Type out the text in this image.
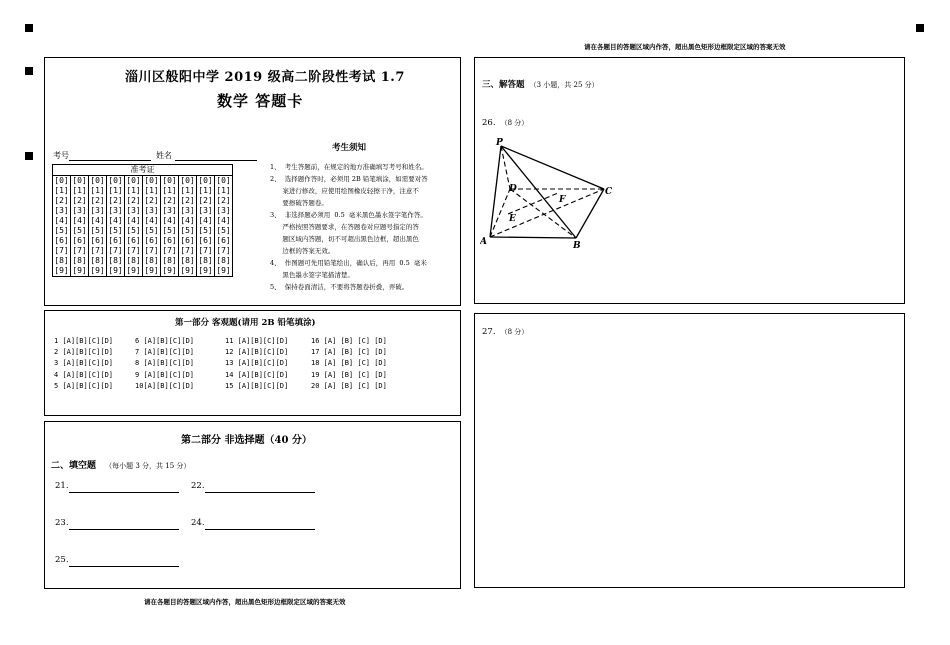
请在各题目的答题区域内作答，超出黑色矩形边框限定区域的答案无效
淄川区般阳中学 2019 级高二阶段性考试 1.7
数学 答题卡
考号	姓名
准考证									
[0]	[0]	[0]	[0]	[0]	[0]	[0]	[0]	[0]	[0]
[1]	[1]	[1]	[1]	[1]	[1]	[1]	[1]	[1]	[1]
[2]	[2]	[2]	[2]	[2]	[2]	[2]	[2]	[2]	[2]
[3]	[3]	[3]	[3]	[3]	[3]	[3]	[3]	[3]	[3]
[4]	[4]	[4]	[4]	[4]	[4]	[4]	[4]	[4]	[4]
[5]	[5]	[5]	[5]	[5]	[5]	[5]	[5]	[5]	[5]
[6]	[6]	[6]	[6]	[6]	[6]	[6]	[6]	[6]	[6]
[7]	[7]	[7]	[7]	[7]	[7]	[7]	[7]	[7]	[7]
[8]	[8]	[8]	[8]	[8]	[8]	[8]	[8]	[8]	[8]
[9]	[9]	[9]	[9]	[9]	[9]	[9]	[9]	[9]	[9]
考生须知
1、  考生答题前，在规定的地方准确填写考号和姓名。
2、  选择题作答时，必须用 2B 铅笔填涂，如需要对答
案进行修改，应使用绘图橡皮轻擦干净，注意不
要擦破答题卷。
3、  非选择题必须用  0.5  毫米黑色墨水签字笔作答。
严格按照答题要求，在答题卷对应题号指定的答
题区域内答题，切不可超出黑色边框，超出黑色
边框的答案无效。
4、  作图题可先用铅笔绘出，确认后，再用  0.5  毫米
黑色墨水签字笔描清楚。
5、  保持卷面清洁，不要将答题卷折叠，弄破。
第一部分 客观题(请用 2B 铅笔填涂)
1 [A][B][C][D]
2 [A][B][C][D]
3 [A][B][C][D]
4 [A][B][C][D]
5 [A][B][C][D]
6 [A][B][C][D]
7 [A][B][C][D]
8 [A][B][C][D]
9 [A][B][C][D]
10[A][B][C][D]
11 [A][B][C][D]
12 [A][B][C][D]
13 [A][B][C][D]
14 [A][B][C][D]
15 [A][B][C][D]
16 [A] [B] [C] [D]
17 [A] [B] [C] [D]
18 [A] [B] [C] [D]
19 [A] [B] [C] [D]
20 [A] [B] [C] [D]
第二部分 非选择题（40 分）
二、填空题 （每小题 3 分，共 15 分）
21.	22.
23.	24.
25.
请在各题目的答题区域内作答，超出黑色矩形边框限定区域的答案无效
三、解答题 （3 小题，共 25 分）
26. （8 分）
P
A	B
C
D
E
F
27. （8 分）
